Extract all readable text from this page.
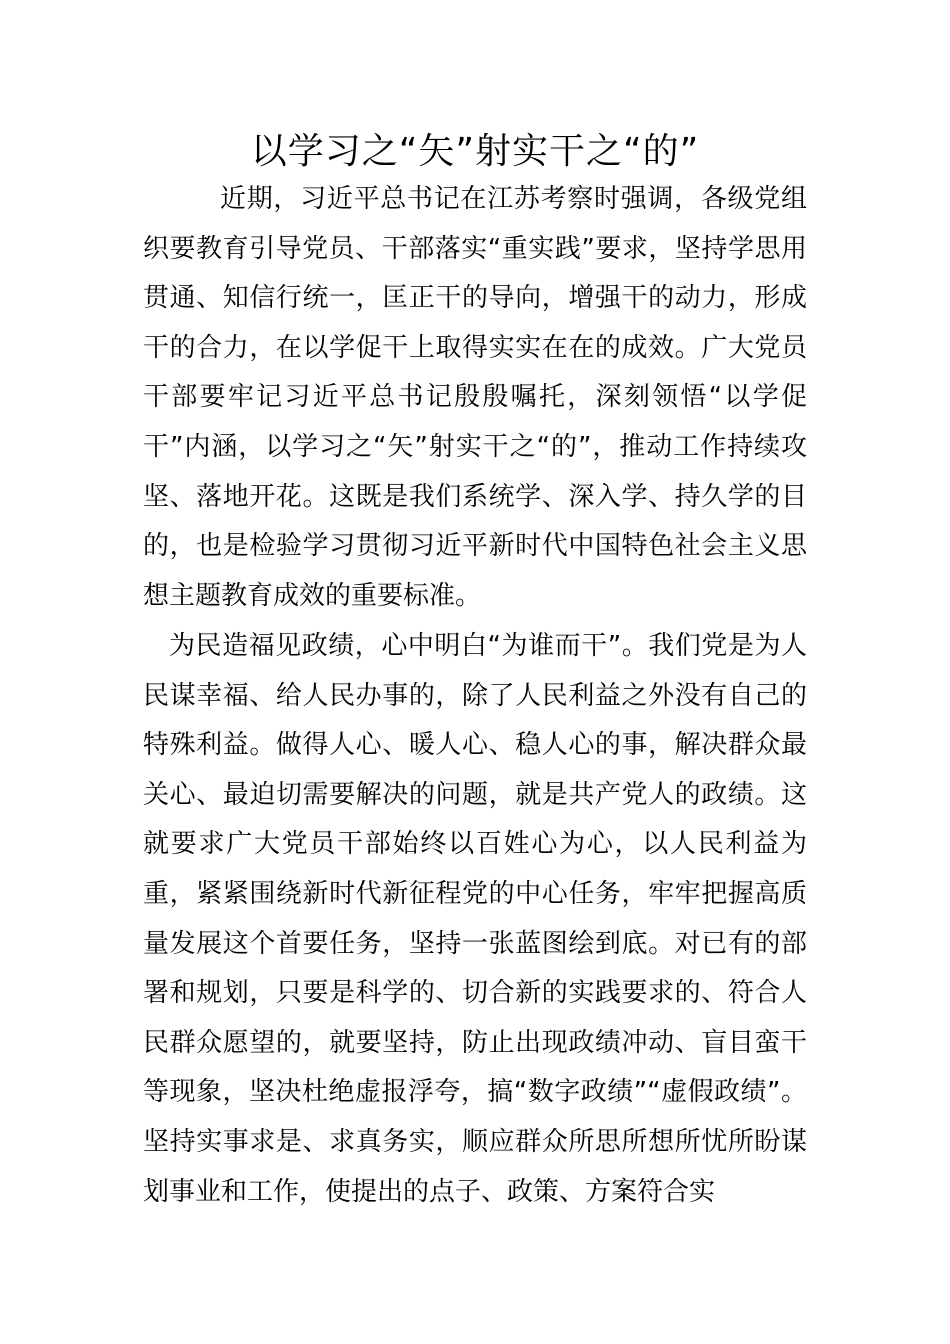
以学习之“矢”射实干之“的”

近期，习近平总书记在江苏考察时强调，各级党组织要教育引导党员、干部落实“重实践”要求，坚持学思用贯通、知信行统一，匡正干的导向，增强干的动力，形成干的合力，在以学促干上取得实实在在的成效。广大党员干部要牢记习近平总书记殷殷嘱托，深刻领悟“以学促干”内涵，以学习之“矢”射实干之“的”，推动工作持续攻坚、落地开花。这既是我们系统学、深入学、持久学的目的，也是检验学习贯彻习近平新时代中国特色社会主义思想主题教育成效的重要标准。

为民造福见政绩，心中明白“为谁而干”。我们党是为人民谋幸福、给人民办事的，除了人民利益之外没有自己的特殊利益。做得人心、暖人心、稳人心的事，解决群众最关心、最迫切需要解决的问题，就是共产党人的政绩。这就要求广大党员干部始终以百姓心为心，以人民利益为重，紧紧围绕新时代新征程党的中心任务，牢牢把握高质量发展这个首要任务，坚持一张蓝图绘到底。对已有的部署和规划，只要是科学的、切合新的实践要求的、符合人民群众愿望的，就要坚持，防止出现政绩冲动、盲目蛮干等现象，坚决杜绝虚报浮夸，搞“数字政绩”“虚假政绩”。坚持实事求是、求真务实，顺应群众所思所想所忧所盼谋划事业和工作，使提出的点子、政策、方案符合实
